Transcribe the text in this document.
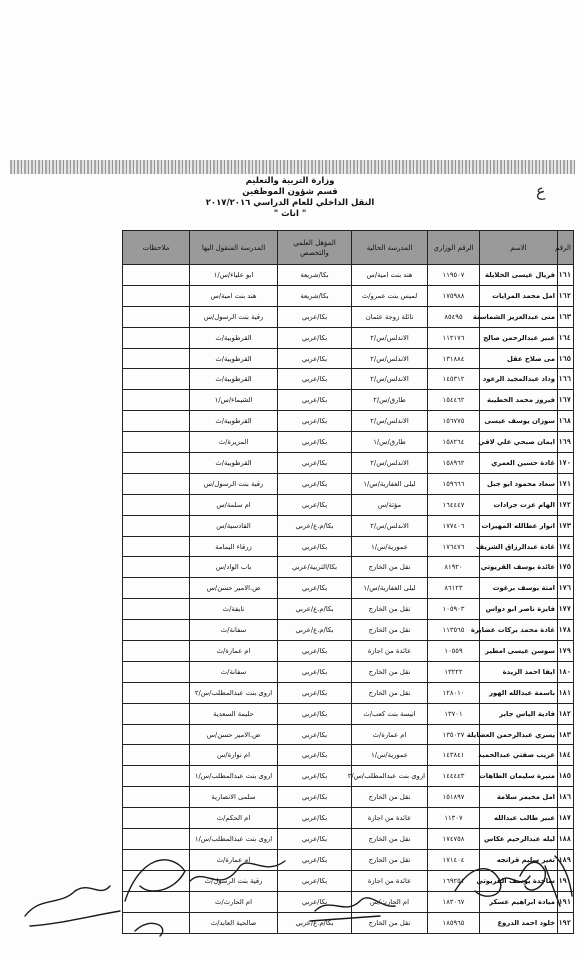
ع
وزارة التربية والتعليم
قسم شؤون الموظفين
النقل الداخلي للعام الدراسي ٢٠١٧/٢٠١٦
" اناث "
الرقم	الاسم	الرقم الوزاري	المدرسة الحالية	المؤهل العلمي والتخصص	المدرسة المنقول اليها	ملاحظات
١٦١	فريال عيسى الخلايلة	١١٩٥٠٧	هند بنت امية/س	بكا/شريعة	ابو علياء/س/١	
١٦٢	امل محمد المرايات	١٧٥٩٨٨	لميس بنت عمرو/ث	بكا/شريعة	هند بنت امية/س	
١٦٣	منى عبدالعزيز الشماسنة	٨٥٤٩٥	نائلة زوجة عثمان	بكا/عربي	رقية بنت الرسول/س	
١٦٤	عبير عبدالرحمن صالح	١١٢١٧٦	الاندلس/س/٢	بكا/عربي	القرطوبية/ث	
١٦٥	مى صلاح عقل	١٣١٨٨٤	الاندلس/س/٢	بكا/عربي	القرطوبية/ث	
١٦٦	وداد عبدالمجيد الرعود	١٤٥٣١٢	الاندلس/س/٢	بكا/عربي	القرطوبية/ث	
١٦٧	فيروز محمد الخطيبة	١٥٤٤٦٢	طارق/س/٢	بكا/عربي	الشيماء/س/١	
١٦٨	سوزان يوسف عيسى	١٥٦٧٧٥	الاندلس/س/٢	بكا/عربي	القرطوبية/ث	
١٦٩	ايمان صبحي علي لافي	١٥٨٢٦٤	طارق/س/١	بكا/عربي	المزيرة/ث	
١٧٠	غادة حسين العمري	١٥٨٩٦٢	الاندلس/س/٢	بكا/عربي	القرطوبية/ث	
١٧١	سعاد محمود ابو جبل	١٥٩٦٦٦	ليلى الغفارية/س/١	بكا/عربي	رقية بنت الرسول/س	
١٧٢	الهام عزت جرادات	١٦٤٤٤٧	مؤتة/س	بكا/عربي	ام سلمة/س	
١٧٣	انوار عطالله المهيرات	١٧٧٤٠٦	الاندلس/س/٢	بكا/م.ع/عربي	القادسية/س	
١٧٤	غادة عبدالرزاق الشريف	١٧٦٤٧٦	عمورية/س/١	بكا/عربي	زرقاء اليمامة	
١٧٥	عائدة يوسف القريوتي	٨١٩٢٠	نقل من الخارج	بكا/التربية/عربي	باب الواد/س	
١٧٦	امنة يوسف برغوث	٨٦١٢٣	ليلى الغفارية/س/١	بكا/عربي	ض.الامير حسن/س	
١٧٧	فايزة ناصر ابو دواس	١٠٥٩٠٣	نقل من الخارج	بكا/م.ع/عربي	نايفة/ث	
١٧٨	غادة محمد بركات عضايرة	١١٣٥٦٥	نقل من الخارج	بكا/م.ع/عربي	سفانة/ث	
١٧٩	سوسن عيسى امطير	١٠٥٥٩	عائدة من اجازة	بكا/عربي	ام عمارة/ث	
١٨٠	ايفا احمد الزيدة	١٣٢٢٢	نقل من الخارج	بكا/عربي	سفانة/ث	
١٨١	باسمة عبدالله الهور	١٢٨٠١٠	نقل من الخارج	بكا/عربي	اروى بنت عبدالمطلب/س/٢	
١٨٢	فادية الياس جابر	١٣٧٠١	انيسة بنت كعب/ث	بكا/عربي	حليمة السعدية	
١٨٣	يسري عبدالرحمن العضايلة	١٣٥٠٢٧	ام عمارة/ث	بكا/عربي	ض.الامير حسن/س	
١٨٤	عريب صفتي عبدالحميد	١٤٣٨٤١	عمورية/س/١	بكا/عربي	ام نوارة/س	
١٨٥	منيرة سليمان الطاهات	١٤٤٤٤٣	اروى بنت عبدالمطلب/س/٢	بكا/عربي	اروى بنت عبدالمطلب/س/١	
١٨٦	امل مخيمر سلامة	١٥١٨٩٧	نقل من الخارج	بكا/عربي	سلمى الانصارية	
١٨٧	عبير طالب عبدالله	١١٣٠٧	عائدة من اجازة	بكا/عربي	ام الحكم/ث	
١٨٨	ليله عبدالرحيم عكاس	١٧٤٧٥٨	نقل من الخارج	بكا/عربي	اروى بنت عبدالمطلب/س/١	
١٨٩	تغير سليم قرانجه	١٧١٤٠٤	نقل من الخارج	بكا/عربي	ام عمارة/ث	
١٩٠	ساجدة يوسف القريوتي	١٦٩٢٥١	عائدة من اجازة	بكا/عربي	رقية بنت الرسول/ث	
١٩١	ميادة ابراهيم عسكر	١٨٣٠٦٧	ام الحارث/س	بكا/عربي	ام الحارث/ث	
١٩٢	خلود احمد الدروع	١٨٥٩٦٥	نقل من الخارج	بكا/م.ع/عربي	صالحية العابد/ث	
